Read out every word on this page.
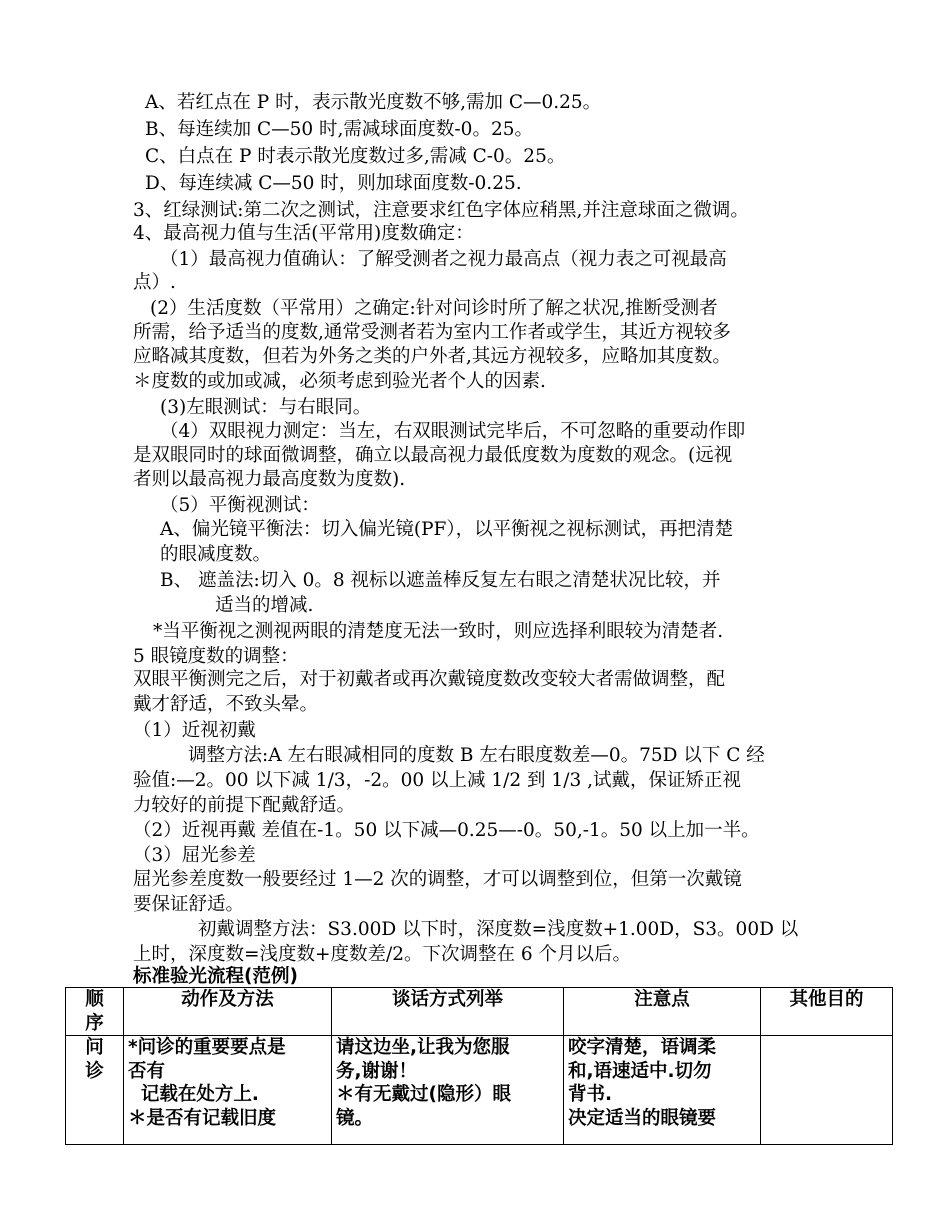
A、若红点在 P 时，表示散光度数不够,需加 C—0.25。
B、每连续加 C—50 时,需减球面度数-0。25。
C、白点在 P 时表示散光度数过多,需减 C-0。25。
D、每连续减 C—50 时，则加球面度数-0.25.
3、红绿测试:第二次之测试，注意要求红色字体应稍黑,并注意球面之微调。
4、最高视力值与生活(平常用)度数确定：
（1）最高视力值确认：了解受测者之视力最高点（视力表之可视最高
点）.
(2）生活度数（平常用）之确定:针对问诊时所了解之状况,推断受测者
所需，给予适当的度数,通常受测者若为室内工作者或学生，其近方视较多
应略减其度数，但若为外务之类的户外者,其远方视较多，应略加其度数。
＊度数的或加或减，必须考虑到验光者个人的因素.
(3)左眼测试：与右眼同。
（4）双眼视力测定：当左，右双眼测试完毕后，不可忽略的重要动作即
是双眼同时的球面微调整，确立以最高视力最低度数为度数的观念。(远视
者则以最高视力最高度数为度数).
（5）平衡视测试：
A、偏光镜平衡法：切入偏光镜(PF），以平衡视之视标测试，再把清楚
的眼减度数。
B、 遮盖法:切入 0。8 视标以遮盖棒反复左右眼之清楚状况比较，并
适当的增减.
*当平衡视之测视两眼的清楚度无法一致时，则应选择利眼较为清楚者.
5 眼镜度数的调整：
双眼平衡测完之后，对于初戴者或再次戴镜度数改变较大者需做调整，配
戴才舒适，不致头晕。
（1）近视初戴
调整方法:A 左右眼减相同的度数 B 左右眼度数差—0。75D 以下 C 经
验值:—2。00 以下减 1/3，-2。00 以上减 1/2 到 1/3 ,试戴，保证矫正视
力较好的前提下配戴舒适。
（2）近视再戴 差值在-1。50 以下减—0.25—-0。50,-1。50 以上加一半。
（3）屈光参差
屈光参差度数一般要经过 1—2 次的调整，才可以调整到位，但第一次戴镜
要保证舒适。
初戴调整方法：S3.00D 以下时，深度数=浅度数+1.00D，S3。00D 以
上时，深度数=浅度数+度数差/2。下次调整在 6 个月以后。
标准验光流程(范例)
顺序	动作及方法	谈话方式列举	注意点	其他目的

问
诊	*问诊的重要要点是
否有
记载在处方上.
＊是否有记载旧度	请这边坐,让我为您服
务,谢谢！
＊有无戴过(隐形）眼
镜。	咬字清楚，语调柔
和,语速适中.切勿
背书.
决定适当的眼镜要	
